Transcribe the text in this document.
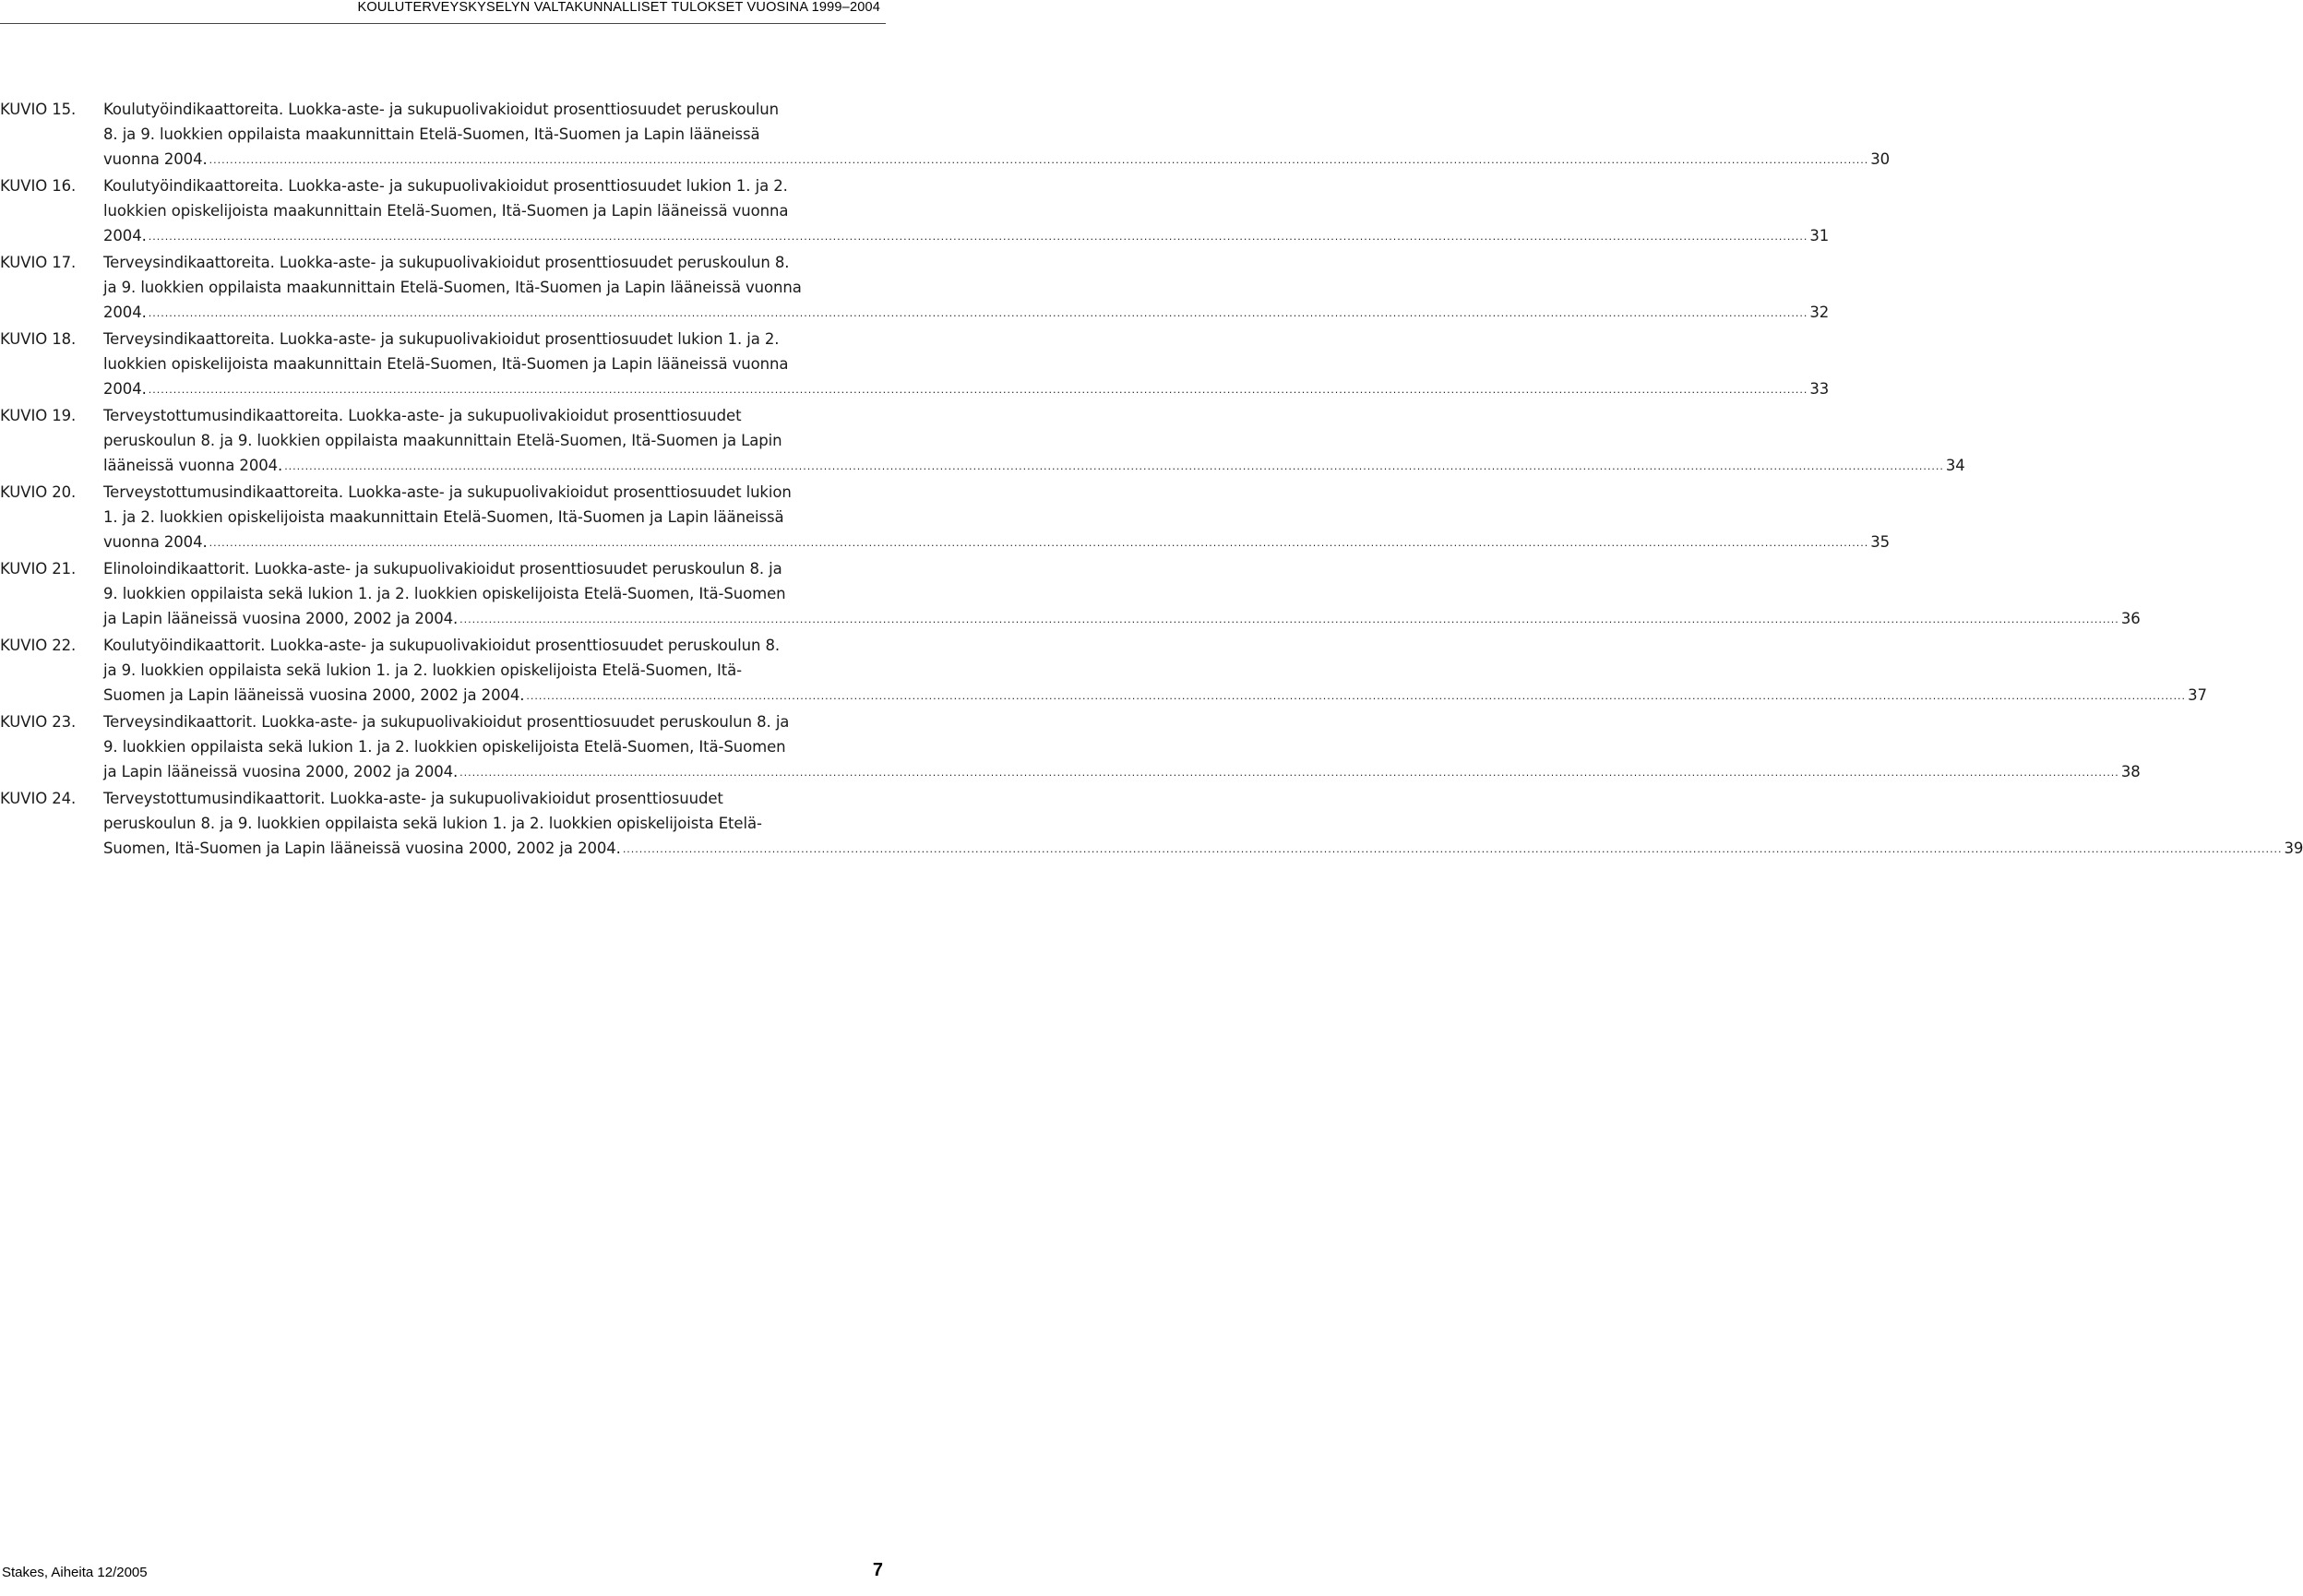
KOULUTERVEYSKYSELYN VALTAKUNNALLISET TULOKSET VUOSINA 1999–2004
KUVIO 15.	Koulutyöindikaattoreita. Luokka-aste- ja sukupuolivakioidut prosenttiosuudet peruskoulun
8. ja 9. luokkien oppilaista maakunnittain Etelä-Suomen, Itä-Suomen ja Lapin lääneissä
vuonna 2004. ................................................................................................................................................................................................................................................................................................................................................................................................................ 30
KUVIO 16.	Koulutyöindikaattoreita. Luokka-aste- ja sukupuolivakioidut prosenttiosuudet lukion 1. ja 2.
luokkien opiskelijoista maakunnittain Etelä-Suomen, Itä-Suomen ja Lapin lääneissä vuonna
2004. ................................................................................................................................................................................................................................................................................................................................................................................................................ 31
KUVIO 17.	Terveysindikaattoreita. Luokka-aste- ja sukupuolivakioidut prosenttiosuudet peruskoulun 8.
ja 9. luokkien oppilaista maakunnittain Etelä-Suomen, Itä-Suomen ja Lapin lääneissä vuonna
2004. ................................................................................................................................................................................................................................................................................................................................................................................................................ 32
KUVIO 18.	Terveysindikaattoreita. Luokka-aste- ja sukupuolivakioidut prosenttiosuudet lukion 1. ja 2.
luokkien opiskelijoista maakunnittain Etelä-Suomen, Itä-Suomen ja Lapin lääneissä vuonna
2004. ................................................................................................................................................................................................................................................................................................................................................................................................................ 33
KUVIO 19.	Terveystottumusindikaattoreita. Luokka-aste- ja sukupuolivakioidut prosenttiosuudet
peruskoulun 8. ja 9. luokkien oppilaista maakunnittain Etelä-Suomen, Itä-Suomen ja Lapin
lääneissä vuonna 2004. ................................................................................................................................................................................................................................................................................................................................................................................................................ 34
KUVIO 20.	Terveystottumusindikaattoreita. Luokka-aste- ja sukupuolivakioidut prosenttiosuudet lukion
1. ja 2. luokkien opiskelijoista maakunnittain Etelä-Suomen, Itä-Suomen ja Lapin lääneissä
vuonna 2004. ................................................................................................................................................................................................................................................................................................................................................................................................................ 35
KUVIO 21.	Elinoloindikaattorit. Luokka-aste- ja sukupuolivakioidut prosenttiosuudet peruskoulun 8. ja
9. luokkien oppilaista sekä lukion 1. ja 2. luokkien opiskelijoista Etelä-Suomen, Itä-Suomen
ja Lapin lääneissä vuosina 2000, 2002 ja 2004. ................................................................................................................................................................................................................................................................................................................................................................................................................ 36
KUVIO 22.	Koulutyöindikaattorit. Luokka-aste- ja sukupuolivakioidut prosenttiosuudet peruskoulun 8.
ja 9. luokkien oppilaista sekä lukion 1. ja 2. luokkien opiskelijoista Etelä-Suomen, Itä-
Suomen ja Lapin lääneissä vuosina 2000, 2002 ja 2004. ................................................................................................................................................................................................................................................................................................................................................................................................................ 37
KUVIO 23.	Terveysindikaattorit. Luokka-aste- ja sukupuolivakioidut prosenttiosuudet peruskoulun 8. ja
9. luokkien oppilaista sekä lukion 1. ja 2. luokkien opiskelijoista Etelä-Suomen, Itä-Suomen
ja Lapin lääneissä vuosina 2000, 2002 ja 2004. ................................................................................................................................................................................................................................................................................................................................................................................................................ 38
KUVIO 24.	Terveystottumusindikaattorit. Luokka-aste- ja sukupuolivakioidut prosenttiosuudet
peruskoulun 8. ja 9. luokkien oppilaista sekä lukion 1. ja 2. luokkien opiskelijoista Etelä-
Suomen, Itä-Suomen ja Lapin lääneissä vuosina 2000, 2002 ja 2004. ................................................................................................................................................................................................................................................................................................................................................................................................................ 39
Stakes, Aiheita 12/2005	7
